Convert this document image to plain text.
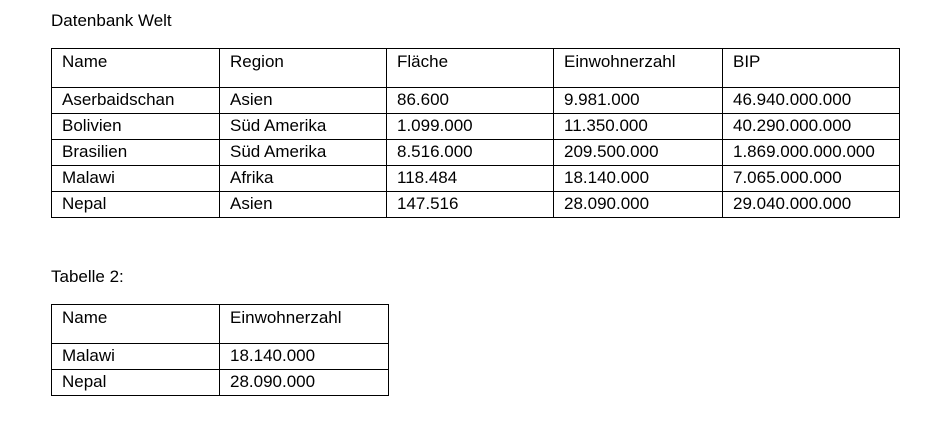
Datenbank Welt
Name	Region	Fläche	Einwohnerzahl	BIP
Aserbaidschan	Asien	86.600	9.981.000	46.940.000.000
Bolivien	Süd Amerika	1.099.000	11.350.000	40.290.000.000
Brasilien	Süd Amerika	8.516.000	209.500.000	1.869.000.000.000
Malawi	Afrika	118.484	18.140.000	7.065.000.000
Nepal	Asien	147.516	28.090.000	29.040.000.000
Tabelle 2:
Name	Einwohnerzahl
Malawi	18.140.000
Nepal	28.090.000
